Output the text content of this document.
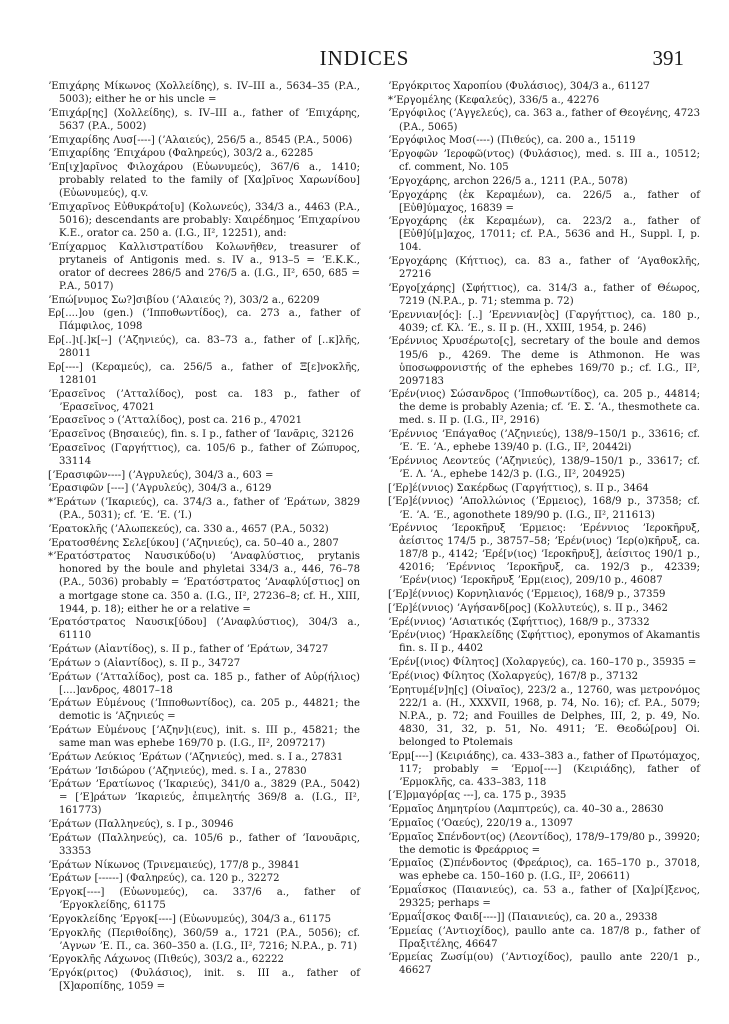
INDICES	391

ʼΕπιχάρης Μίκωνος (Χολλείδης), s. IV–III a., 5634–35 (P.A., 5003); either he or his uncle =

ʼΕπιχάρ[ης] (Χολλείδης), s. IV–III a., father of ʼΕπιχάρης, 5637 (P.A., 5002)

ʼΕπιχαρίδης Λυσ[----] (ʼΑλαιεύς), 256/5 a., 8545 (P.A., 5006)

ʼΕπιχαρίδης ʼΕπιχάρου (Φαληρεύς), 303/2 a., 62285

ʼΕπ[ιχ]αρῖνος Φιλοχάρου (Εὐωνυμεύς), 367/6 a., 1410; probably related to the family of [Χα]ρῖνος Χαρωνίδου] (Εὐωνυμεύς), q.v.

ʼΕπιχαρῖνος Εὐθυκράτο[υ] (Κολωνεύς), 334/3 a., 4463 (P.A., 5016); descendants are probably: Χαιρέδημος ʼΕπιχαρίνου Κ.Ε., orator ca. 250 a. (I.G., II², 12251), and:

ʼΕπίχαρμος Καλλιστρατίδου Κολωνῆθεν, treasurer of prytaneis of Antigonis med. s. IV a., 913–5 = ʼΕ.Κ.Κ., orator of decrees 286/5 and 276/5 a. (I.G., II², 650, 685 = P.A., 5017)

ʼΕπώ[νυμος Σω?]σιβίου (ʼΑλαιεύς ?), 303/2 a., 62209

Ερ[....]ου (gen.) (ʼΙπποθωντίδος), ca. 273 a., father of Πάμφιλος, 1098

Ερ[..]ι[.]κ[--] (ʼΑζηνιεύς), ca. 83–73 a., father of [..κ]λῆς, 28011

Ερ[----] (Κεραμεύς), ca. 256/5 a., father of Ξ[ε]νοκλῆς, 128101

ʼΕρασεῖνος (ʼΑτταλίδος), post ca. 183 p., father of ʼΕρασεῖνος, 47021

ʼΕρασεῖνος ͻ (ʼΑτταλίδος), post ca. 216 p., 47021

ʼΕρασεῖνος (Βησαιεύς), fin. s. I p., father of ʼΙανᾶρις, 32126

ʼΕρασεῖνος (Γαργήττιος), ca. 105/6 p., father of Ζώπυρος, 33114

[ʼΕρασιφῶν----] (ʼΑγρυλεύς), 304/3 a., 603 =

ʼΕρασιφῶν [----] (ʼΑγρυλεύς), 304/3 a., 6129

*ʼΕράτων (ʼΙκαριεύς), ca. 374/3 a., father of ʼΕράτων, 3829 (P.A., 5031); cf. ʼΕ. ʼΕ. (ʼΙ.)

ʼΕρατοκλῆς (ʼΑλωπεκεύς), ca. 330 a., 4657 (P.A., 5032)

ʼΕρατοσθένης Σελε[ύκου] (ʼΑζηνιεύς), ca. 50–40 a., 2807

*ʼΕρατόστρατος Ναυσικύδο(υ) ʼΑναφλύστιος, prytanis honored by the boule and phyletai 334/3 a., 446, 76–78 (P.A., 5036) probably = ʼΕρατόστρατος ʼΑναφλύ[στιος] on a mortgage stone ca. 350 a. (I.G., II², 27236–8; cf. H., XIII, 1944, p. 18); either he or a relative =

ʼΕρατόστρατος Ναυσικ[ύδου] (ʼΑναφλύστιος), 304/3 a., 61110

ʼΕράτων (Αἰαντίδος), s. II p., father of ʼΕράτων, 34727

ʼΕράτων ͻ (Αἰαντίδος), s. II p., 34727

ʼΕράτων (ʼΑτταλίδος), post ca. 185 p., father of Αὐρ(ήλιος) [....]ανδρος, 48017–18

ʼΕράτων Εὐμένους (ʼΙπποθωντίδος), ca. 205 p., 44821; the demotic is ʼΑζηνιεύς =

ʼΕράτων Εὐμένους [ʼΑζην]ι(ευς), init. s. III p., 45821; the same man was ephebe 169/70 p. (I.G., II², 2097217)

ʼΕράτων Λεύκιος ʼΕράτων (ʼΑζηνιεύς), med. s. I a., 27831

ʼΕράτων ʼΙσιδώρου (ʼΑζηνιεύς), med. s. I a., 27830

ʼΕράτων ʼΕρατίωνος (ʼΙκαριεύς), 341/0 a., 3829 (P.A., 5042) = [ʼΕ]ράτων ʼΙκαριεύς, ἐπιμελητής 369/8 a. (I.G., II², 161773)

ʼΕράτων (Παλληνεύς), s. I p., 30946

ʼΕράτων (Παλληνεύς), ca. 105/6 p., father of ʼΙανουᾶρις, 33353

ʼΕράτων Νίκωνος (Τρινεμαιεύς), 177/8 p., 39841

ʼΕράτων [------] (Φαληρεύς), ca. 120 p., 32272

ʼΕργοκ[----] (Εὐωνυμεύς), ca. 337/6 a., father of ʼΕργοκλείδης, 61175

ʼΕργοκλείδης ʼΕργοκ[----] (Εὐωνυμεύς), 304/3 a., 61175

ʼΕργοκλῆς (Περιθοίδης), 360/59 a., 1721 (P.A., 5056); cf. ʼΑγνων ʼΕ. Π., ca. 360–350 a. (I.G., II², 7216; N.P.A., p. 71)

ʼΕργοκλῆς Λάχωνος (Πιθεύς), 303/2 a., 62222

ʼΕργόκ(ριτος) (Φυλάσιος), init. s. III a., father of [Χ]αροπίδης, 1059 =

ʼΕργόκριτος Χαροπίου (Φυλάσιος), 304/3 a., 61127

*ʼΕργομέλης (Κεφαλεύς), 336/5 a., 42276

ʼΕργόφιλος (ʼΑγγελεύς), ca. 363 a., father of Θεογένης, 4723 (P.A., 5065)

ʼΕργόφιλος Μοσ(----) (Πιθεύς), ca. 200 a., 15119

ʼΕργοφῶν ʼΙεροφῶ(ντος) (Φυλάσιος), med. s. III a., 10512; cf. comment, No. 105

ʼΕργοχάρης, archon 226/5 a., 1211 (P.A., 5078)

ʼΕργοχάρης (ἐκ Κεραμέων), ca. 226/5 a., father of [Εὐθ]ύμαχος, 16839 =

ʼΕργοχάρης (ἐκ Κεραμέων), ca. 223/2 a., father of [Εὐθ]ύ[μ]αχος, 17011; cf. P.A., 5636 and H., Suppl. I, p. 104.

ʼΕργοχάρης (Κήττιος), ca. 83 a., father of ʼΑγαθοκλῆς, 27216

ʼΕργο[χάρης] (Σφήττιος), ca. 314/3 a., father of Θέωρος, 7219 (N.P.A., p. 71; stemma p. 72)

ʼΕρεννιαν[ός]: [..] ʼΕρεννιαν[ὸς] (Γαργήττιος), ca. 180 p., 4039; cf. Κλ. ʼΕ., s. II p. (H., XXIII, 1954, p. 246)

ʼΕρέννιος Χρυσέρωτο[ς], secretary of the boule and demos 195/6 p., 4269. The deme is Athmonon. He was ὑποσωφρονιστής of the ephebes 169/70 p.; cf. I.G., II², 2097183

ʼΕρέν(νιος) Σώσανδρος (ʼΙπποθωντίδος), ca. 205 p., 44814; the deme is probably Azenia; cf. ʼΕ. Σ. ʼΑ., thesmothete ca. med. s. II p. (I.G., II², 2916)

ʼΕρέννιος ʼΕπάγαθος (ʼΑζηνιεύς), 138/9–150/1 p., 33616; cf. ʼΕ. ʼΕ. ʼΑ., ephebe 139/40 p. (I.G., II², 20442i)

ʼΕρέννιος Λεοντεύς (ʼΑζηνιεύς), 138/9–150/1 p., 33617; cf. ʼΕ. Λ. ʼΑ., ephebe 142/3 p. (I.G., II², 204925)

[ʼΕρ]έ(ννιος) Σακέρδως (Γαργήττιος), s. II p., 3464

[ʼΕρ]έ(ννιος) ʼΑπολλώνιος (ʼΕρμειος), 168/9 p., 37358; cf. ʼΕ. ʼΑ. ʼΕ., agonothete 189/90 p. (I.G., II², 211613)

ʼΕρέννιος ʼΙεροκῆρυξ ʼΕρμειος: ʼΕρέννιος ʼΙεροκῆρυξ, ἀείσιτος 174/5 p., 38757–58; ʼΕρέν(νιος) ʼΙερ(ο)κῆρυξ, ca. 187/8 p., 4142; ʼΕρέ[ν(ιος) ʼΙεροκῆρυξ], ἀείσιτος 190/1 p., 42016; ʼΕρέννιος ʼΙεροκῆρυξ, ca. 192/3 p., 42339; ʼΕρέν(νιος) ʼΙεροκῆρυξ ʼΕρμ(ειος), 209/10 p., 46087

[ʼΕρ]έ(ννιος) Κορνηλιανός (ʼΕρμειος), 168/9 p., 37359

[ʼΕρ]έ(ννιος) ʼΑγήσανδ[ρος] (Κολλυτεύς), s. II p., 3462

ʼΕρέ(ννιος) ʼΑσιατικός (Σφήττιος), 168/9 p., 37332

ʼΕρέν(νιος) ʼΗρακλείδης (Σφήττιος), eponymos of Akamantis fin. s. II p., 4402

ʼΕρέν[(νιος) Φίλητος] (Χολαργεύς), ca. 160–170 p., 35935 =

ʼΕρέ(νιος) Φίλητος (Χολαργεύς), 167/8 p., 37132

ʼΕρητυμέ[ν]η[ς] (Οἰναῖος), 223/2 a., 12760, was μετρονόμος 222/1 a. (H., XXXVII, 1968, p. 74, No. 16); cf. P.A., 5079; N.P.A., p. 72; and Fouilles de Delphes, III, 2, p. 49, No. 4830, 31, 32, p. 51, No. 4911; ʼΕ. Θεοδώ[ρου] Oi. belonged to Ptolemais

ʼΕρμ[----] (Κειριάδης), ca. 433–383 a., father of Πρωτόμαχος, 117; probably = ʼΕρμο[----] (Κειριάδης), father of ʼΕρμοκλῆς, ca. 433–383, 118

[ʼΕ]ρμαγόρ[ας ---], ca. 175 p., 3935

ʼΕρμαῖος Δημητρίου (Λαμπτρεύς), ca. 40–30 a., 28630

ʼΕρμαῖος (ʼΟαεύς), 220/19 a., 13097

ʼΕρμαῖος Σπένδοντ(ος) (Λεοντίδος), 178/9–179/80 p., 39920; the demotic is Φρεάρριος =

ʼΕρμαῖος (Σ)πένδοντος (Φρεάριος), ca. 165–170 p., 37018, was ephebe ca. 150–160 p. (I.G., II², 206611)

ʼΕρμαΐσκος (Παιανιεύς), ca. 53 a., father of [Χα]ρί]ξενος, 29325; perhaps =

ʼΕρμαΐ[σκος Φαιδ[----]] (Παιανιεύς), ca. 20 a., 29338

ʼΕρμείας (ʼΑντιοχίδος), paullo ante ca. 187/8 p., father of Πραξιτέλης, 46647

ʼΕρμείας Ζωσίμ(ου) (ʼΑντιοχίδος), paullo ante 220/1 p., 46627
